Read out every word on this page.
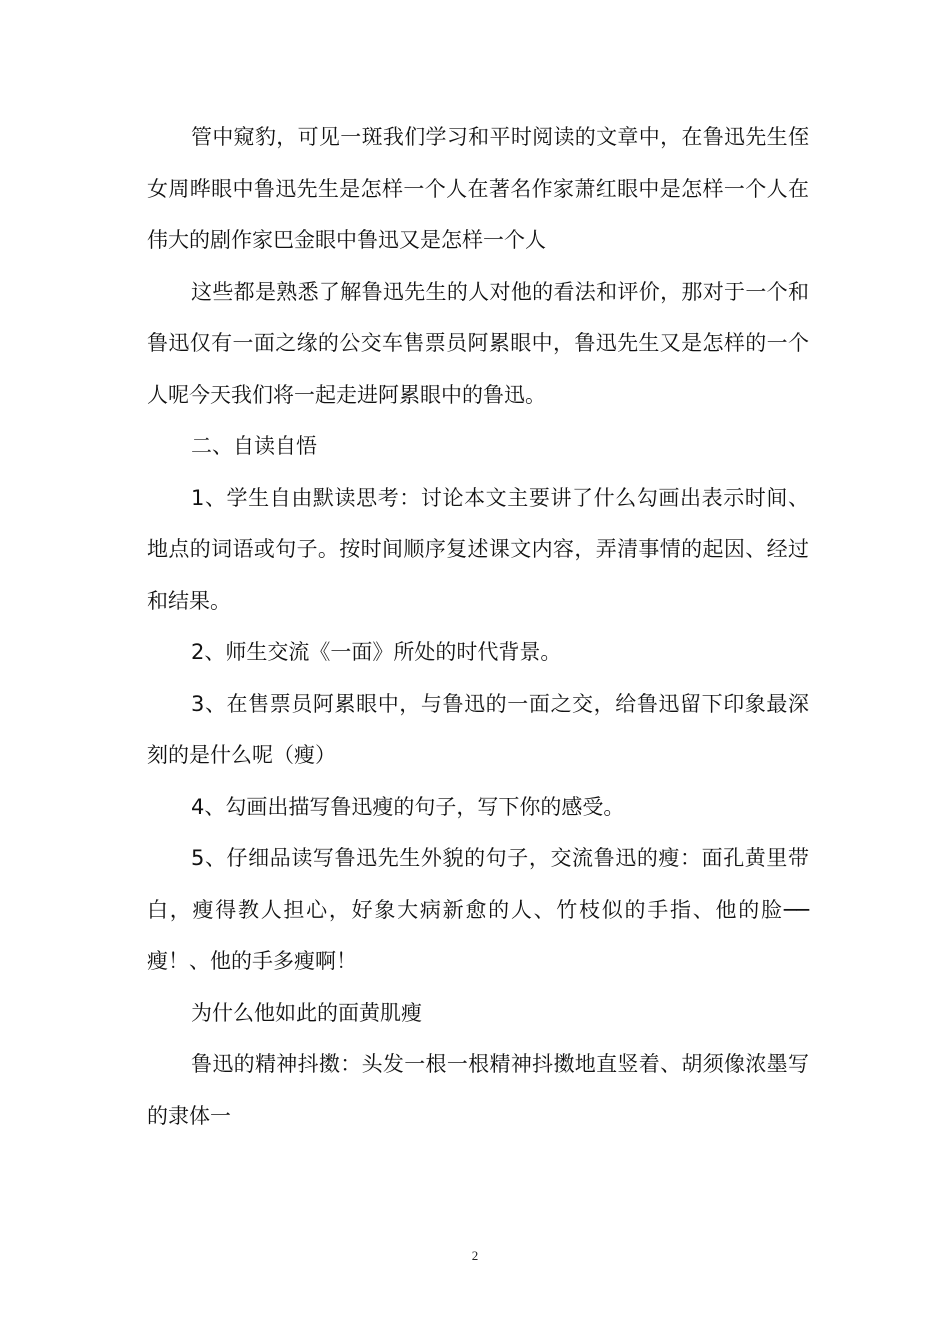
管中窥豹，可见一斑我们学习和平时阅读的文章中，在鲁迅先生侄女周晔眼中鲁迅先生是怎样一个人在著名作家萧红眼中是怎样一个人在伟大的剧作家巴金眼中鲁迅又是怎样一个人

这些都是熟悉了解鲁迅先生的人对他的看法和评价，那对于一个和鲁迅仅有一面之缘的公交车售票员阿累眼中，鲁迅先生又是怎样的一个人呢今天我们将一起走进阿累眼中的鲁迅。

二、自读自悟

1、学生自由默读思考：讨论本文主要讲了什么勾画出表示时间、地点的词语或句子。按时间顺序复述课文内容，弄清事情的起因、经过和结果。

2、师生交流《一面》所处的时代背景。

3、在售票员阿累眼中，与鲁迅的一面之交，给鲁迅留下印象最深刻的是什么呢（瘦）

4、勾画出描写鲁迅瘦的句子，写下你的感受。

5、仔细品读写鲁迅先生外貌的句子，交流鲁迅的瘦：面孔黄里带白，瘦得教人担心，好象大病新愈的人、竹枝似的手指、他的脸──瘦！、他的手多瘦啊！

为什么他如此的面黄肌瘦

鲁迅的精神抖擞：头发一根一根精神抖擞地直竖着、胡须像浓墨写的隶体一

2
